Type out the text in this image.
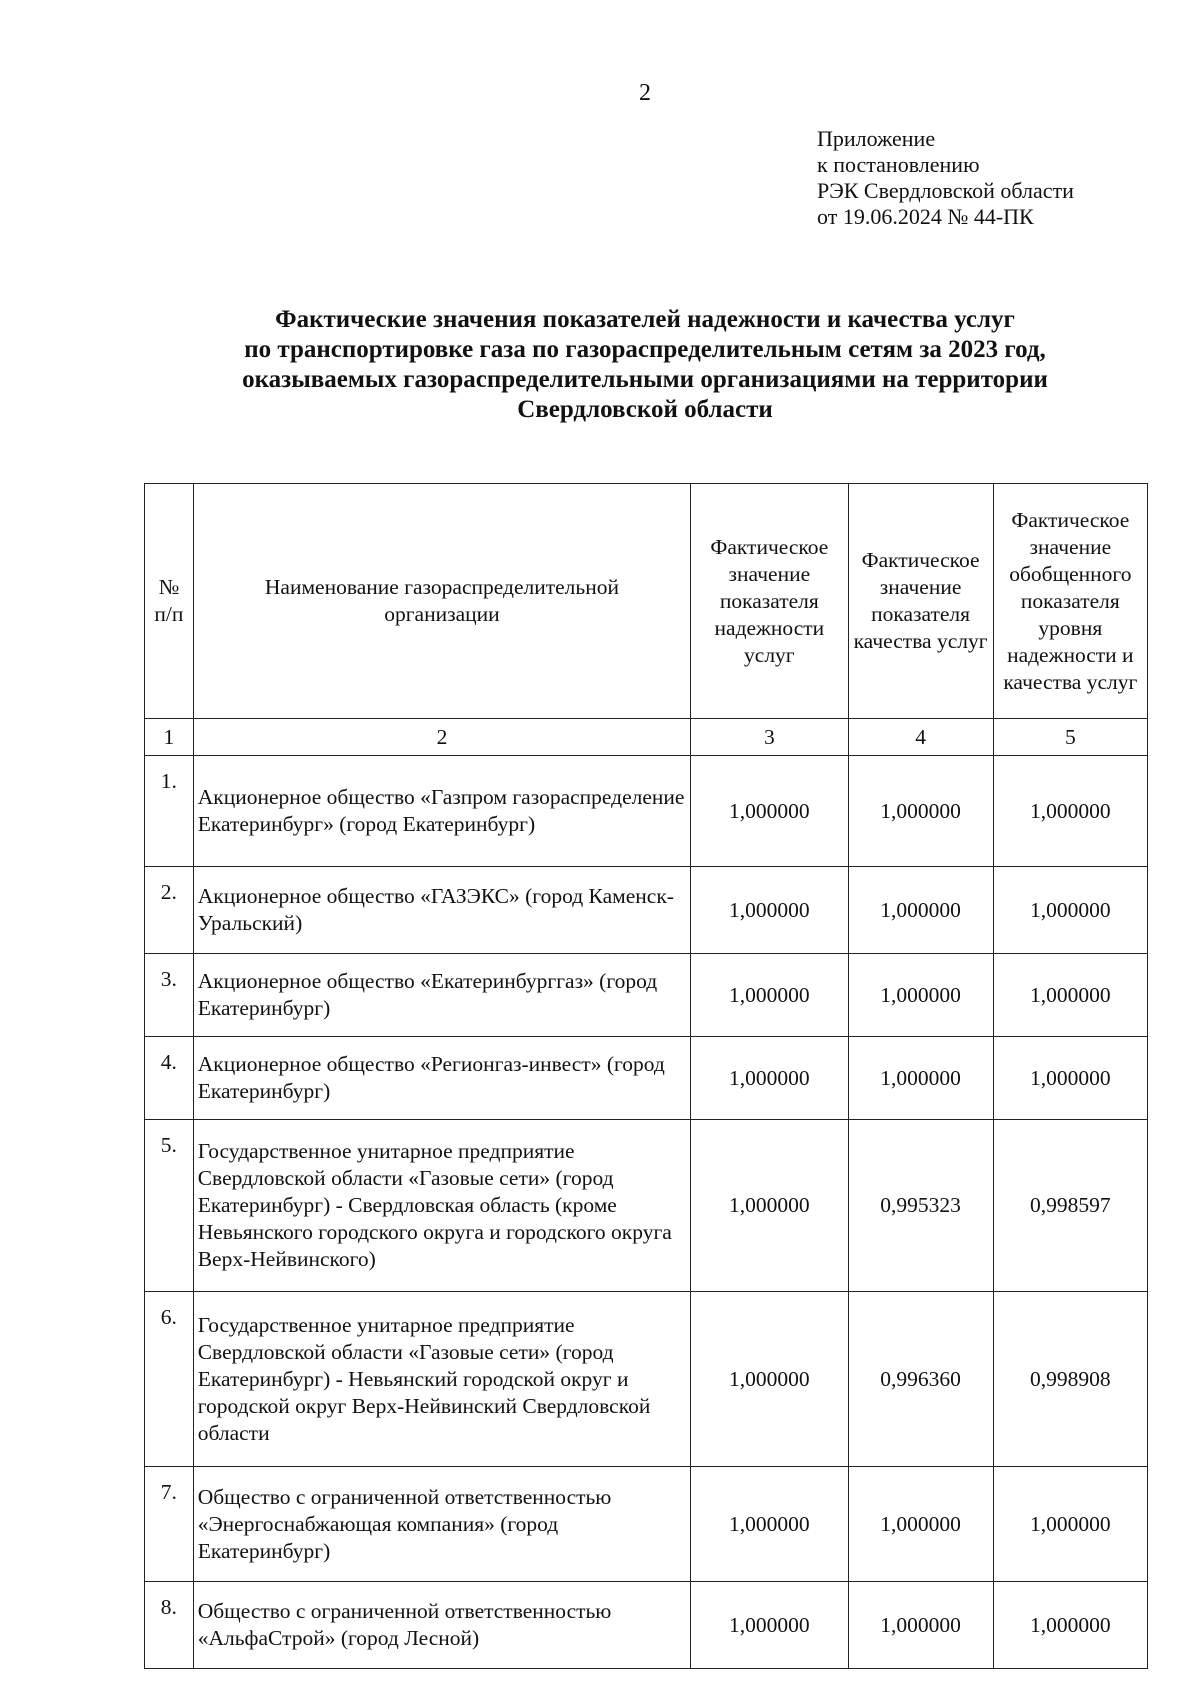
2
Приложение
к постановлению
РЭК Свердловской области
от 19.06.2024 № 44-ПК
Фактические значения показателей надежности и качества услуг
по транспортировке газа по газораспределительным сетям за 2023 год,
оказываемых газораспределительными организациями на территории
Свердловской области
№ п/п	Наименование газораспределительной организации	Фактическое значение показателя надежности услуг	Фактическое значение показателя качества услуг	Фактическое значение обобщенного показателя уровня надежности и качества услуг
1	2	3	4	5
1.	Акционерное общество «Газпром газораспределение Екатеринбург» (город Екатеринбург)	1,000000	1,000000	1,000000
2.	Акционерное общество «ГАЗЭКС» (город Каменск-Уральский)	1,000000	1,000000	1,000000
3.	Акционерное общество «Екатеринбурггаз» (город Екатеринбург)	1,000000	1,000000	1,000000
4.	Акционерное общество «Регионгаз-инвест» (город Екатеринбург)	1,000000	1,000000	1,000000
5.	Государственное унитарное предприятие Свердловской области «Газовые сети» (город Екатеринбург) - Свердловская область (кроме Невьянского городского округа и городского округа Верх-Нейвинского)	1,000000	0,995323	0,998597
6.	Государственное унитарное предприятие Свердловской области «Газовые сети» (город Екатеринбург) - Невьянский городской округ и городской округ Верх-Нейвинский Свердловской области	1,000000	0,996360	0,998908
7.	Общество с ограниченной ответственностью «Энергоснабжающая компания» (город Екатеринбург)	1,000000	1,000000	1,000000
8.	Общество с ограниченной ответственностью «АльфаСтрой» (город Лесной)	1,000000	1,000000	1,000000
